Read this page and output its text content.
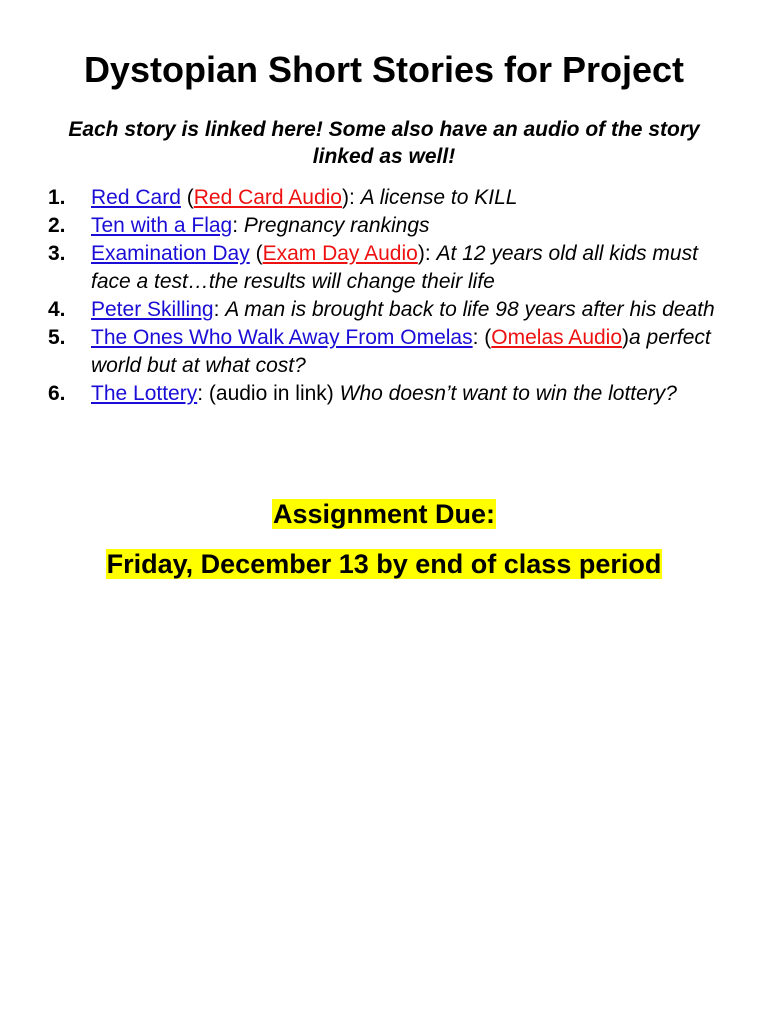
Dystopian Short Stories for Project

Each story is linked here! Some also have an audio of the story linked as well!

1. Red Card (Red Card Audio): A license to KILL
2. Ten with a Flag: Pregnancy rankings
3. Examination Day (Exam Day Audio): At 12 years old all kids must face a test…the results will change their life
4. Peter Skilling: A man is brought back to life 98 years after his death
5. The Ones Who Walk Away From Omelas: (Omelas Audio)a perfect world but at what cost?
6. The Lottery: (audio in link) Who doesn’t want to win the lottery?

Assignment Due:

Friday, December 13 by end of class period
